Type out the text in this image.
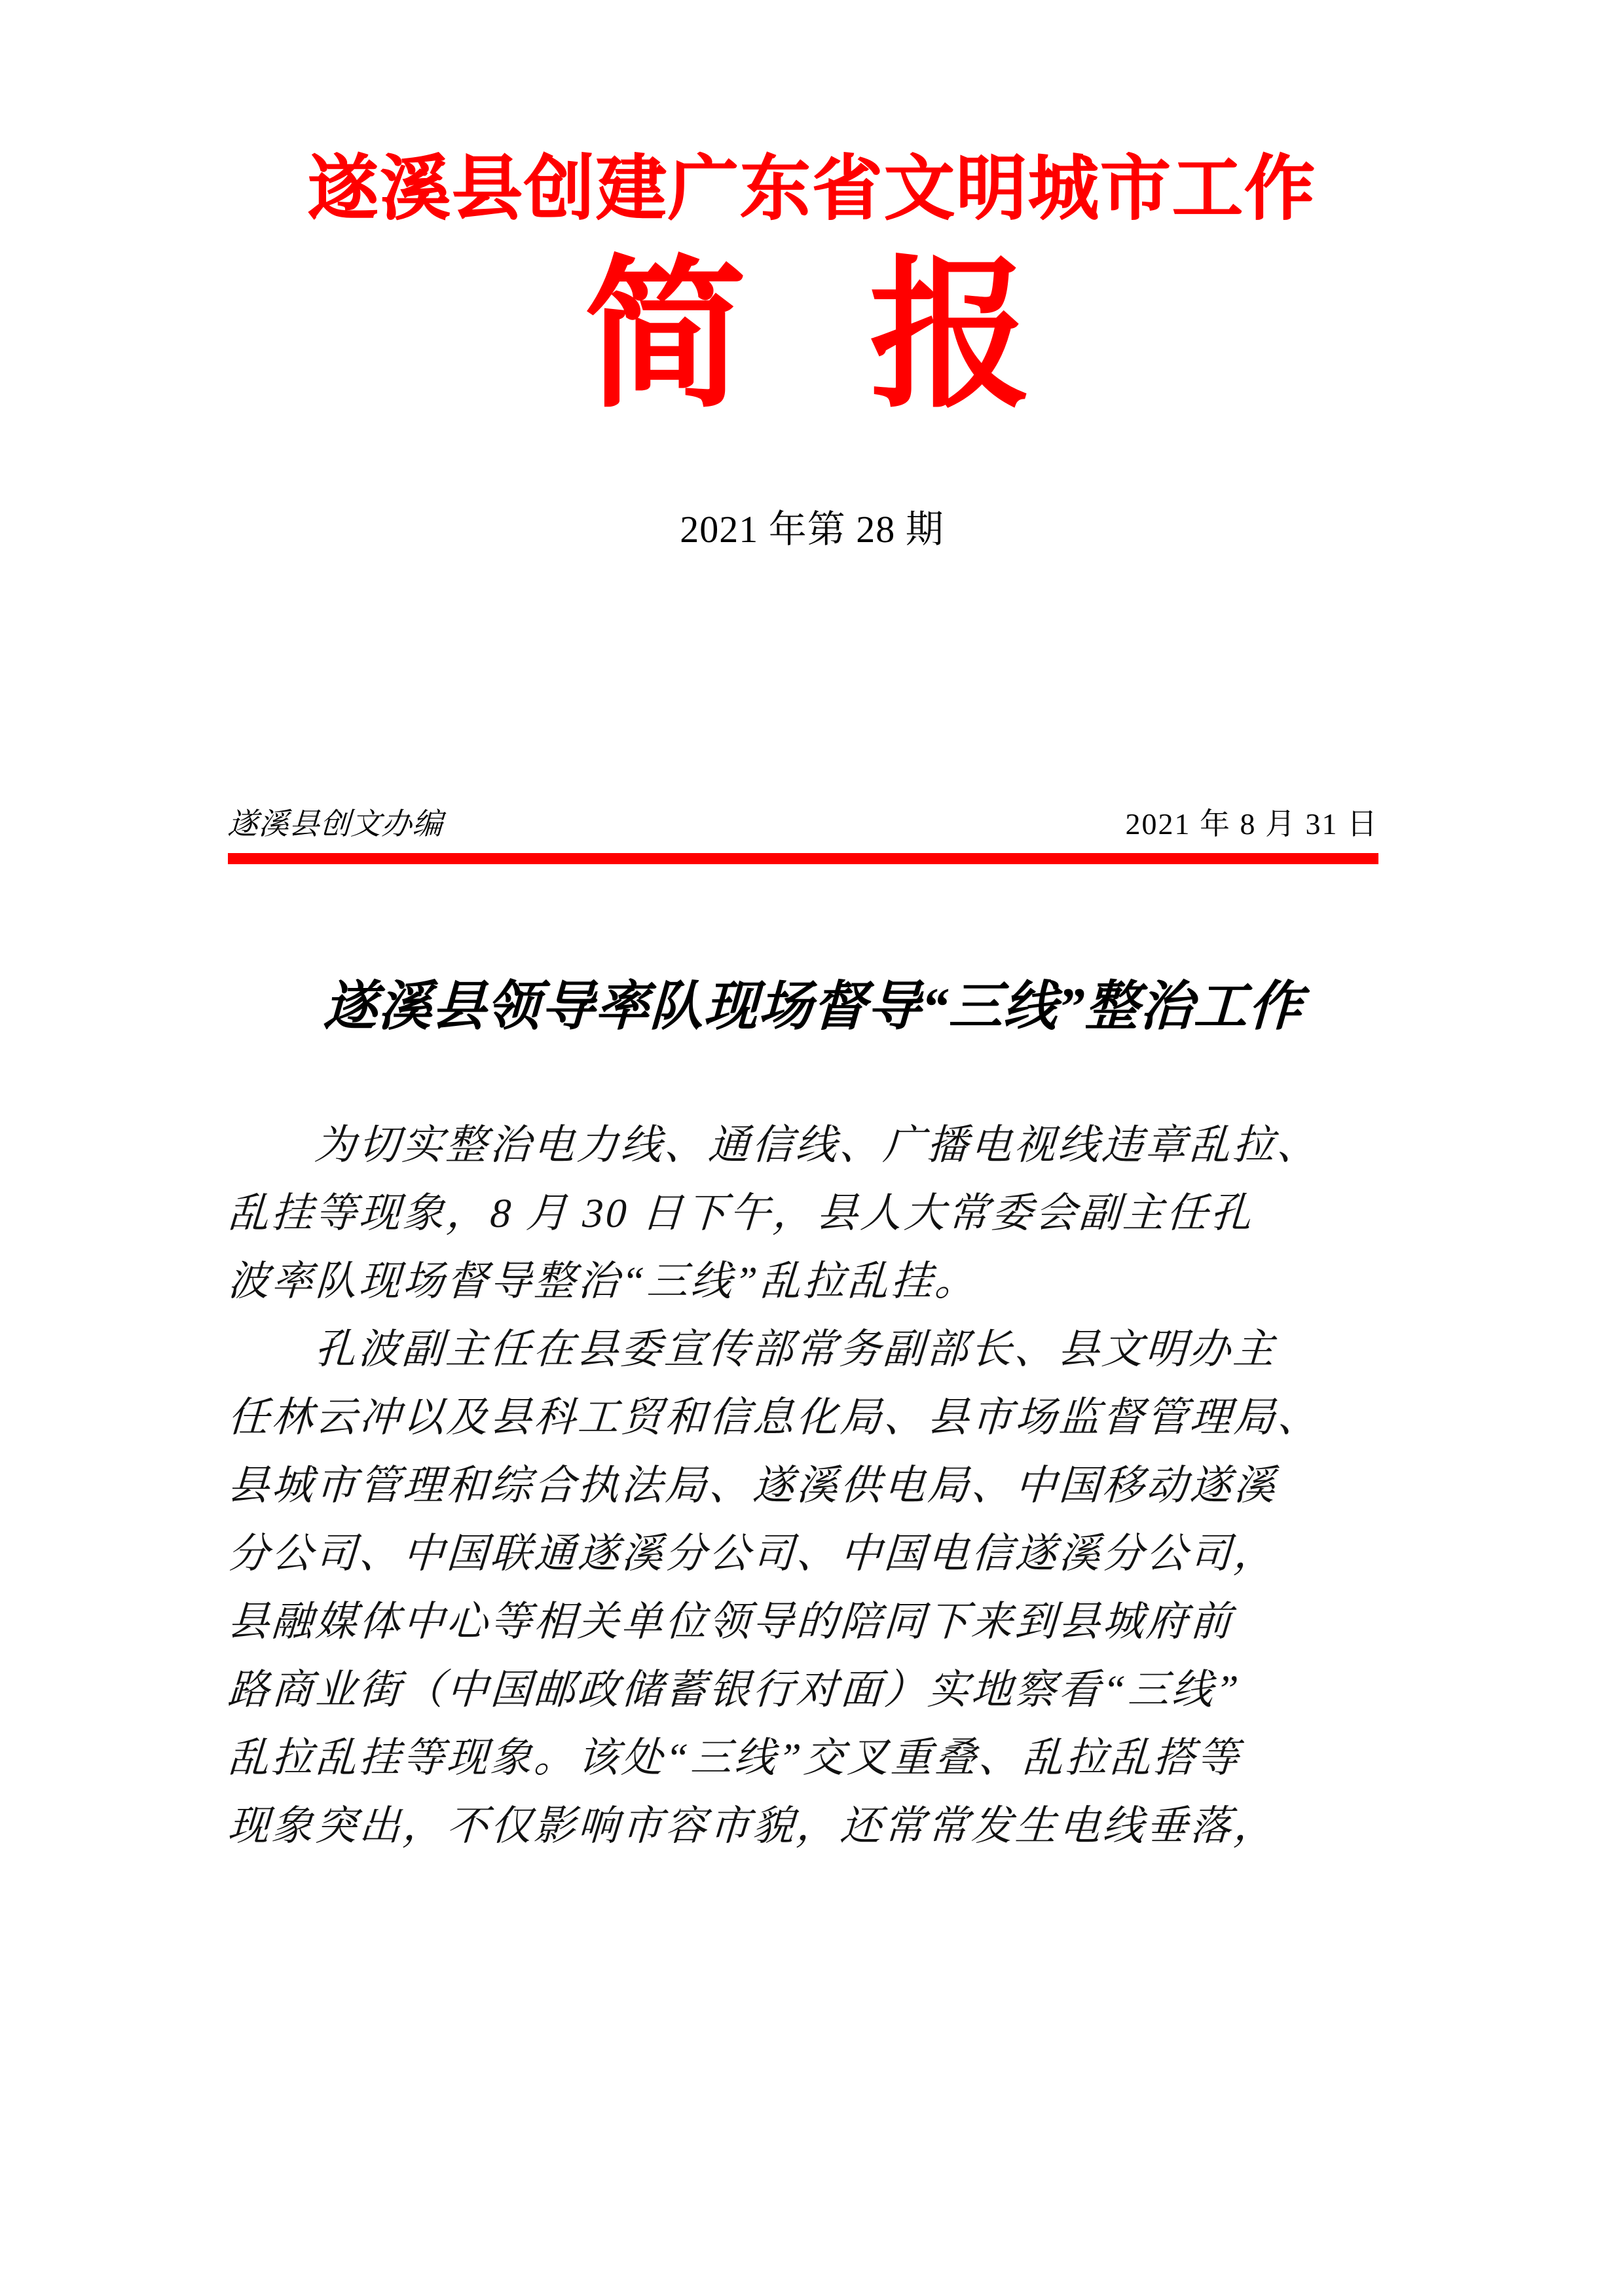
遂溪县创建广东省文明城市工作
简 报
2021 年第 28 期
遂溪县创文办编	2021 年 8 月 31 日
遂溪县领导率队现场督导“三线”整治工作

为切实整治电力线、通信线、广播电视线违章乱拉、
乱挂等现象，8 月 30 日下午，县人大常委会副主任孔
波率队现场督导整治“三线”乱拉乱挂。

孔波副主任在县委宣传部常务副部长、县文明办主
任林云冲以及县科工贸和信息化局、县市场监督管理局、
县城市管理和综合执法局、遂溪供电局、中国移动遂溪
分公司、中国联通遂溪分公司、中国电信遂溪分公司，
县融媒体中心等相关单位领导的陪同下来到县城府前
路商业街（中国邮政储蓄银行对面）实地察看“三线”
乱拉乱挂等现象。该处“三线”交叉重叠、乱拉乱搭等
现象突出，不仅影响市容市貌，还常常发生电线垂落，
